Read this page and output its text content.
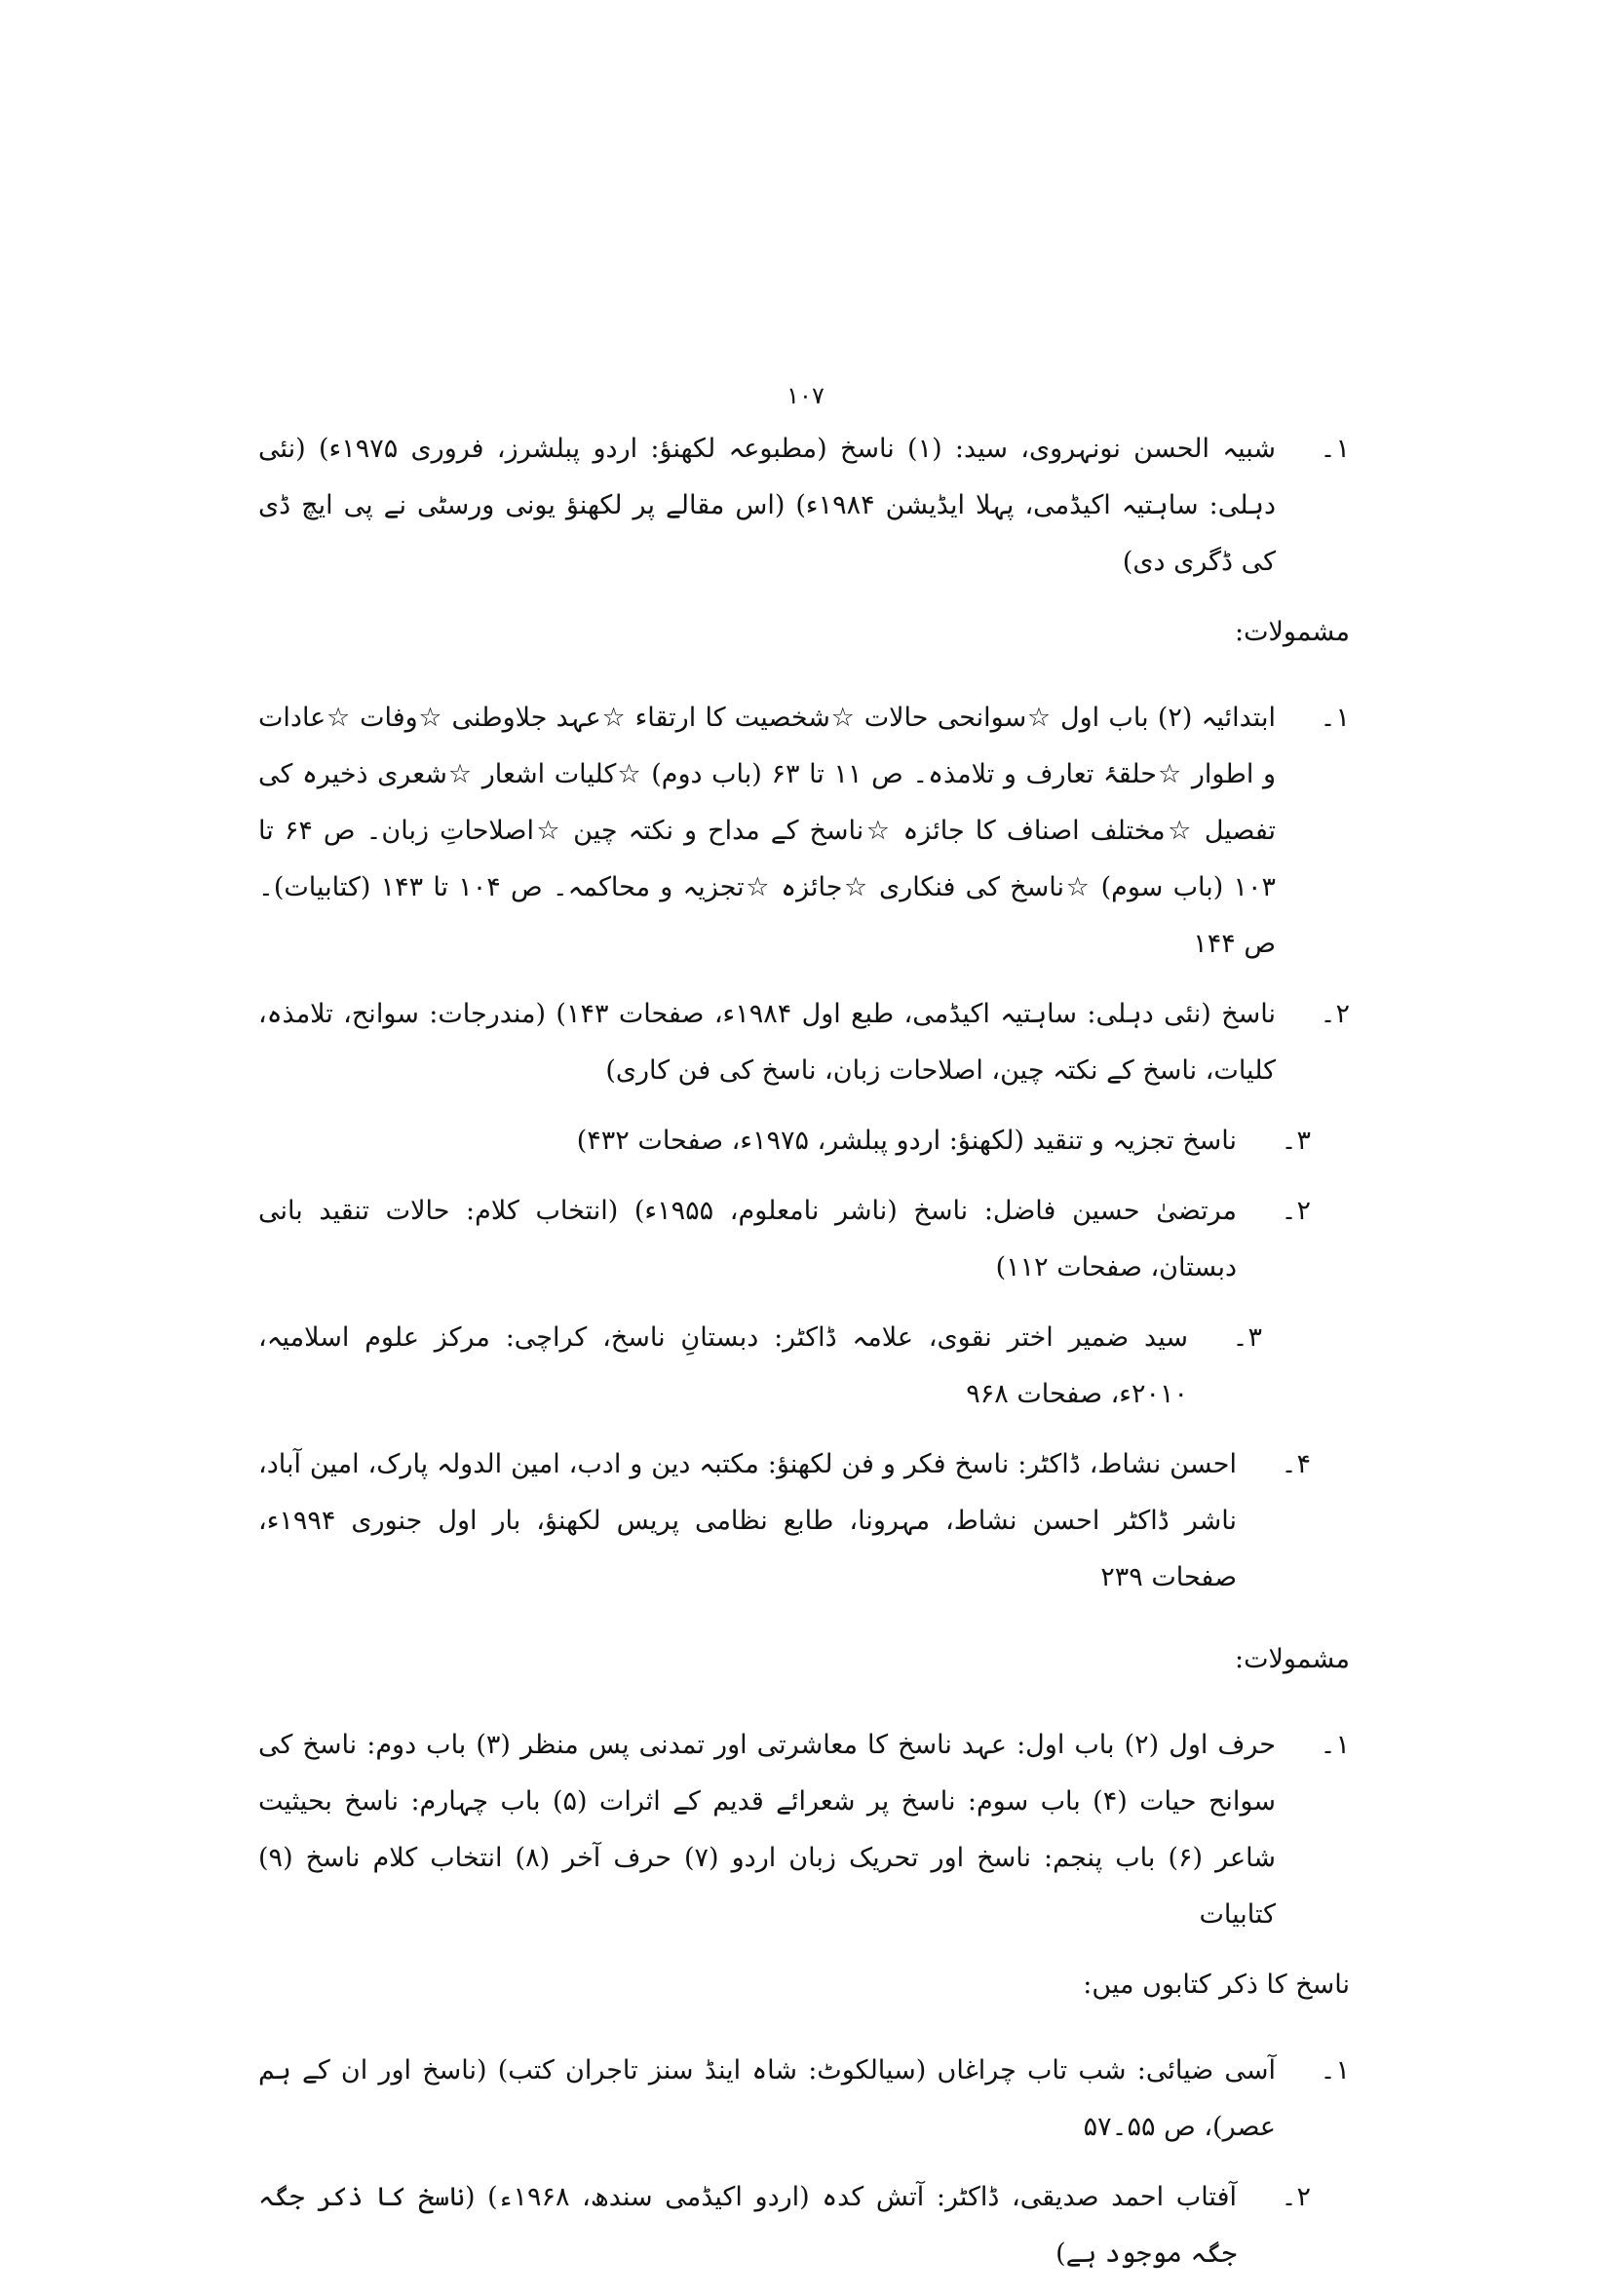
۱۰۷
۱۔
شبیہ الحسن نونہروی، سید: (۱) ناسخ (مطبوعہ لکھنؤ: اردو پبلشرز، فروری ۱۹۷۵ء) (نئی دہلی: ساہتیہ اکیڈمی، پہلا ایڈیشن ۱۹۸۴ء) (اس مقالے پر لکھنؤ یونی ورسٹی نے پی ایچ ڈی کی ڈگری دی)
مشمولات:
۱۔
ابتدائیہ (۲) باب اول ☆سوانحی حالات ☆شخصیت کا ارتقاء ☆عہد جلاوطنی ☆وفات ☆عادات و اطوار ☆حلقۂ تعارف و تلامذہ۔ ص ۱۱ تا ۶۳ (باب دوم) ☆کلیات اشعار ☆شعری ذخیرہ کی تفصیل ☆مختلف اصناف کا جائزہ ☆ناسخ کے مداح و نکتہ چین ☆اصلاحاتِ زبان۔ ص ۶۴ تا ۱۰۳ (باب سوم) ☆ناسخ کی فنکاری ☆جائزہ ☆تجزیہ و محاکمہ۔ ص ۱۰۴ تا ۱۴۳ (کتابیات)۔ ص ۱۴۴
۲۔
ناسخ (نئی دہلی: ساہتیہ اکیڈمی، طبع اول ۱۹۸۴ء، صفحات ۱۴۳) (مندرجات: سوانح، تلامذہ، کلیات، ناسخ کے نکتہ چین، اصلاحات زبان، ناسخ کی فن کاری)
۳۔
ناسخ تجزیہ و تنقید (لکھنؤ: اردو پبلشر، ۱۹۷۵ء، صفحات ۴۳۲)
۲۔
مرتضیٰ حسین فاضل: ناسخ (ناشر نامعلوم، ۱۹۵۵ء) (انتخاب کلام: حالات تنقید بانی دبستان، صفحات ۱۱۲)
۳۔
سید ضمیر اختر نقوی، علامہ ڈاکٹر: دبستانِ ناسخ، کراچی: مرکز علوم اسلامیہ، ۲۰۱۰ء، صفحات ۹۶۸
۴۔
احسن نشاط، ڈاکٹر: ناسخ فکر و فن لکھنؤ: مکتبہ دین و ادب، امین الدولہ پارک، امین آباد، ناشر ڈاکٹر احسن نشاط، مہرونا، طابع نظامی پریس لکھنؤ، بار اول جنوری ۱۹۹۴ء، صفحات ۲۳۹
مشمولات:
۱۔
حرف اول (۲) باب اول: عہد ناسخ کا معاشرتی اور تمدنی پس منظر (۳) باب دوم: ناسخ کی سوانح حیات (۴) باب سوم: ناسخ پر شعرائے قدیم کے اثرات (۵) باب چہارم: ناسخ بحیثیت شاعر (۶) باب پنجم: ناسخ اور تحریک زبان اردو (۷) حرف آخر (۸) انتخاب کلام ناسخ (۹) کتابیات
ناسخ کا ذکر کتابوں میں:
۱۔
آسی ضیائی: شب تاب چراغاں (سیالکوٹ: شاہ اینڈ سنز تاجران کتب) (ناسخ اور ان کے ہم عصر)، ص ۵۵۔۵۷
۲۔
آفتاب احمد صدیقی، ڈاکٹر: آتش کدہ (اردو اکیڈمی سندھ، ۱۹۶۸ء) (ناسخ کا ذکر جگہ جگہ موجود ہے)
